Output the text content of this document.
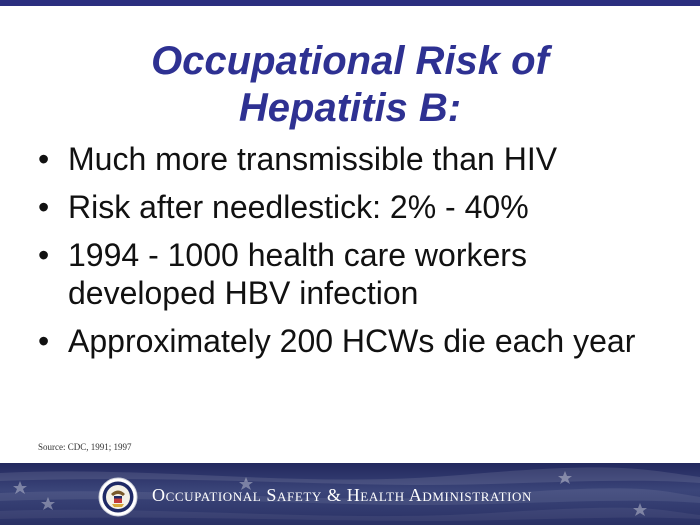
Occupational Risk of
Hepatitis B:
• Much more transmissible than HIV
• Risk after needlestick: 2% - 40%
• 1994 - 1000 health care workers developed HBV infection
• Approximately 200 HCWs die each year
Source: CDC, 1991; 1997
Occupational Safety & Health Administration
